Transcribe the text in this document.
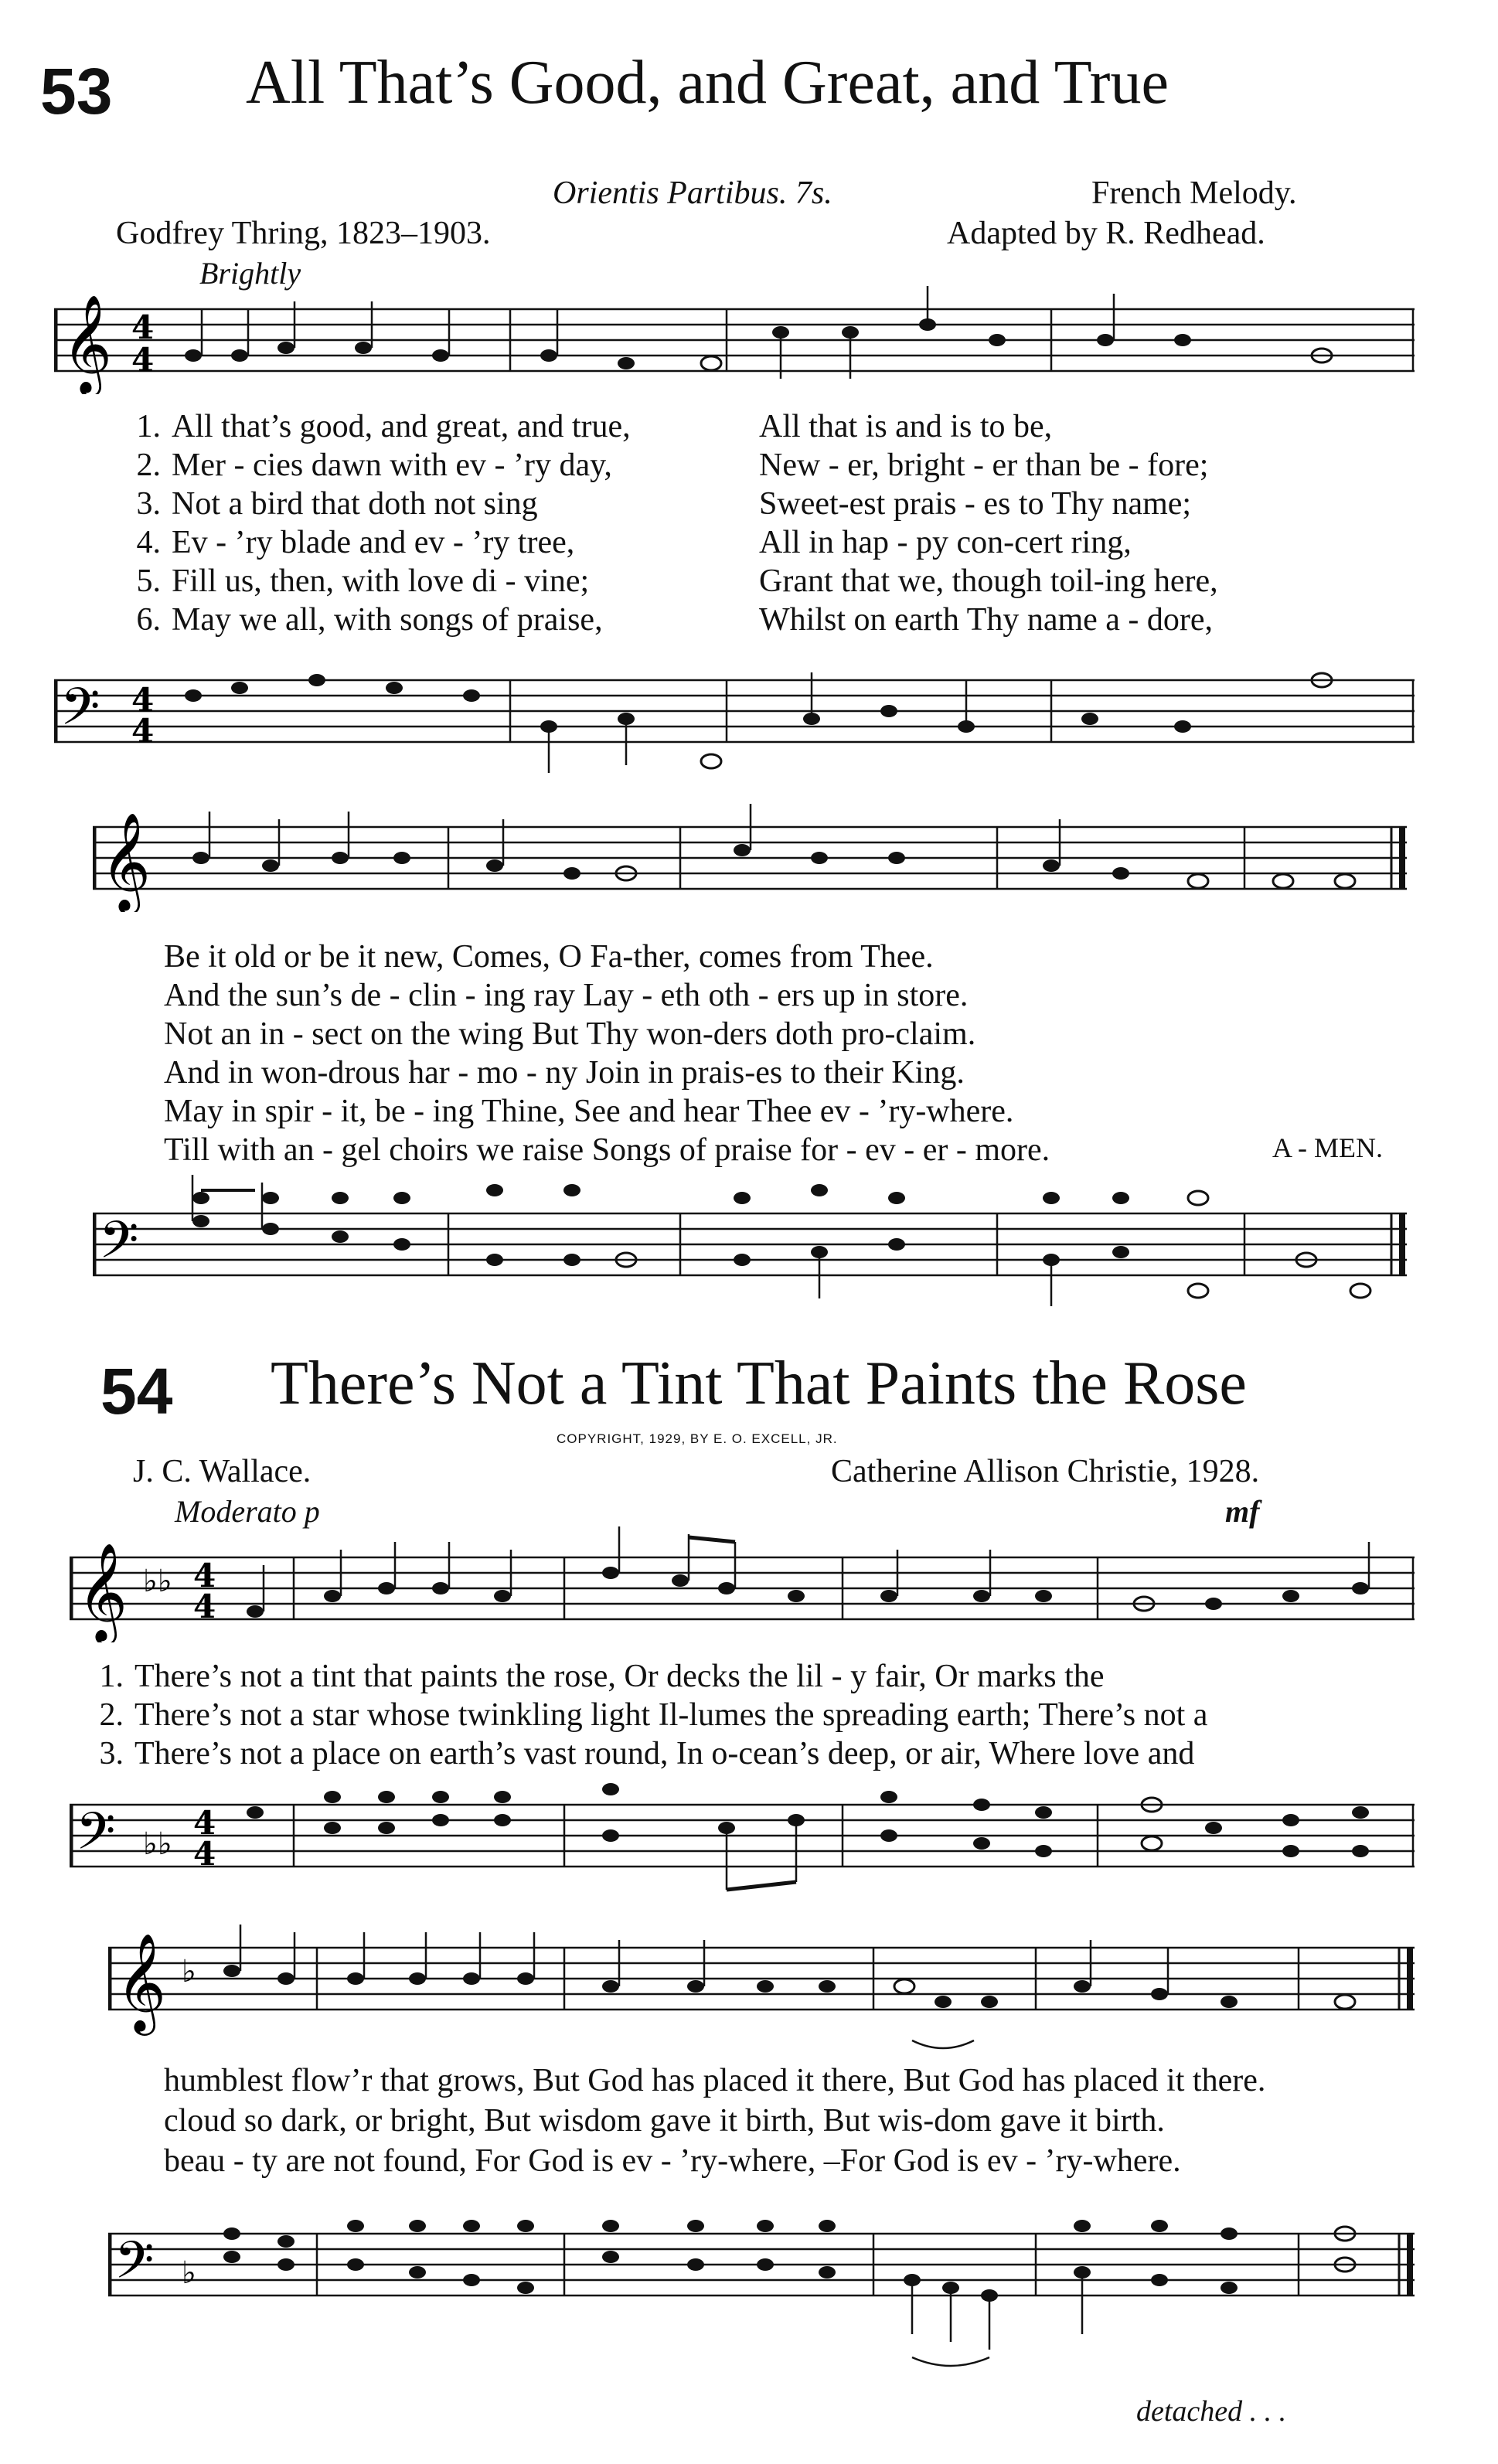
53 All That’s Good, and Great, and True
Orientis Partibus. 7s.	French Melody.
Godfrey Thring, 1823–1903.	Adapted by R. Redhead.
Brightly
𝄞 4
4
1. All that’s good, and great, and true,	All that is and is to be,
2. Mer - cies dawn with ev - ’ry day,	New - er, bright - er than be - fore;
3. Not a bird that doth not sing	Sweet-est prais - es to Thy name;
4. Ev - ’ry blade and ev - ’ry tree,	All in hap - py con-cert ring,
5. Fill us, then, with love di - vine;	Grant that we, though toil-ing here,
6. May we all, with songs of praise,	Whilst on earth Thy name a - dore,
𝄢 4
4
𝄞
Be it old or be it new, Comes, O Fa-ther, comes from Thee.
And the sun’s de - clin - ing ray Lay - eth oth - ers up in store.
Not an in - sect on the wing But Thy won-ders doth pro-claim.
And in won-drous har - mo - ny Join in prais-es to their King.
May in spir - it, be - ing Thine, See and hear Thee ev - ’ry-where.
Till with an - gel choirs we raise Songs of praise for - ev - er - more.	A - MEN.
𝄢
54 There’s Not a Tint That Paints the Rose
COPYRIGHT, 1929, BY E. O. EXCELL, JR.
J. C. Wallace.	Catherine Allison Christie, 1928.
Moderato p	mf
𝄞 ♭♭ 4
4
1. There’s not a tint that paints the rose, Or decks the lil - y fair, Or marks the
2. There’s not a star whose twinkling light Il-lumes the spreading earth; There’s not a
3. There’s not a place on earth’s vast round, In o-cean’s deep, or air, Where love and
𝄢 ♭♭
4
4
𝄞 ♭
humblest flow’r that grows, But God has placed it there, But God has placed it there.
cloud so dark, or bright, But wisdom gave it birth, But wis-dom gave it birth.
beau - ty are not found, For God is ev - ’ry-where, –For God is ev - ’ry-where.
𝄢 ♭
detached . . .
